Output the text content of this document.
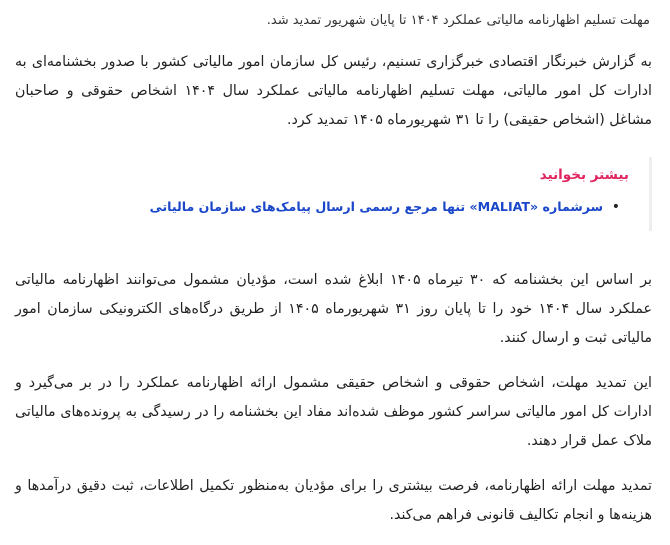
مهلت تسلیم اظهارنامه مالیاتی عملکرد ۱۴۰۴ تا پایان شهریور تمدید شد.

به گزارش خبرنگار اقتصادی خبرگزاری تسنیم، رئیس کل سازمان امور مالیاتی کشور با صدور بخشنامه‌ای به ادارات کل امور مالیاتی، مهلت تسلیم اظهارنامه مالیاتی عملکرد سال ۱۴۰۴ اشخاص حقوقی و صاحبان مشاغل (اشخاص حقیقی) را تا ۳۱ شهریورماه ۱۴۰۵ تمدید کرد.

بیشتر بخوانید
•
سرشماره «MALIAT» تنها مرجع رسمی ارسال پیامک‌های سازمان مالیاتی

بر اساس این بخشنامه که ۳۰ تیرماه ۱۴۰۵ ابلاغ شده است، مؤدیان مشمول می‌توانند اظهارنامه مالیاتی عملکرد سال ۱۴۰۴ خود را تا پایان روز ۳۱ شهریورماه ۱۴۰۵ از طریق درگاه‌های الکترونیکی سازمان امور مالیاتی ثبت و ارسال کنند.

این تمدید مهلت، اشخاص حقوقی و اشخاص حقیقی مشمول ارائه اظهارنامه عملکرد را در بر می‌گیرد و ادارات کل امور مالیاتی سراسر کشور موظف شده‌اند مفاد این بخشنامه را در رسیدگی به پرونده‌های مالیاتی ملاک عمل قرار دهند.

تمدید مهلت ارائه اظهارنامه، فرصت بیشتری را برای مؤدیان به‌منظور تکمیل اطلاعات، ثبت دقیق درآمدها و هزینه‌ها و انجام تکالیف قانونی فراهم می‌کند.
